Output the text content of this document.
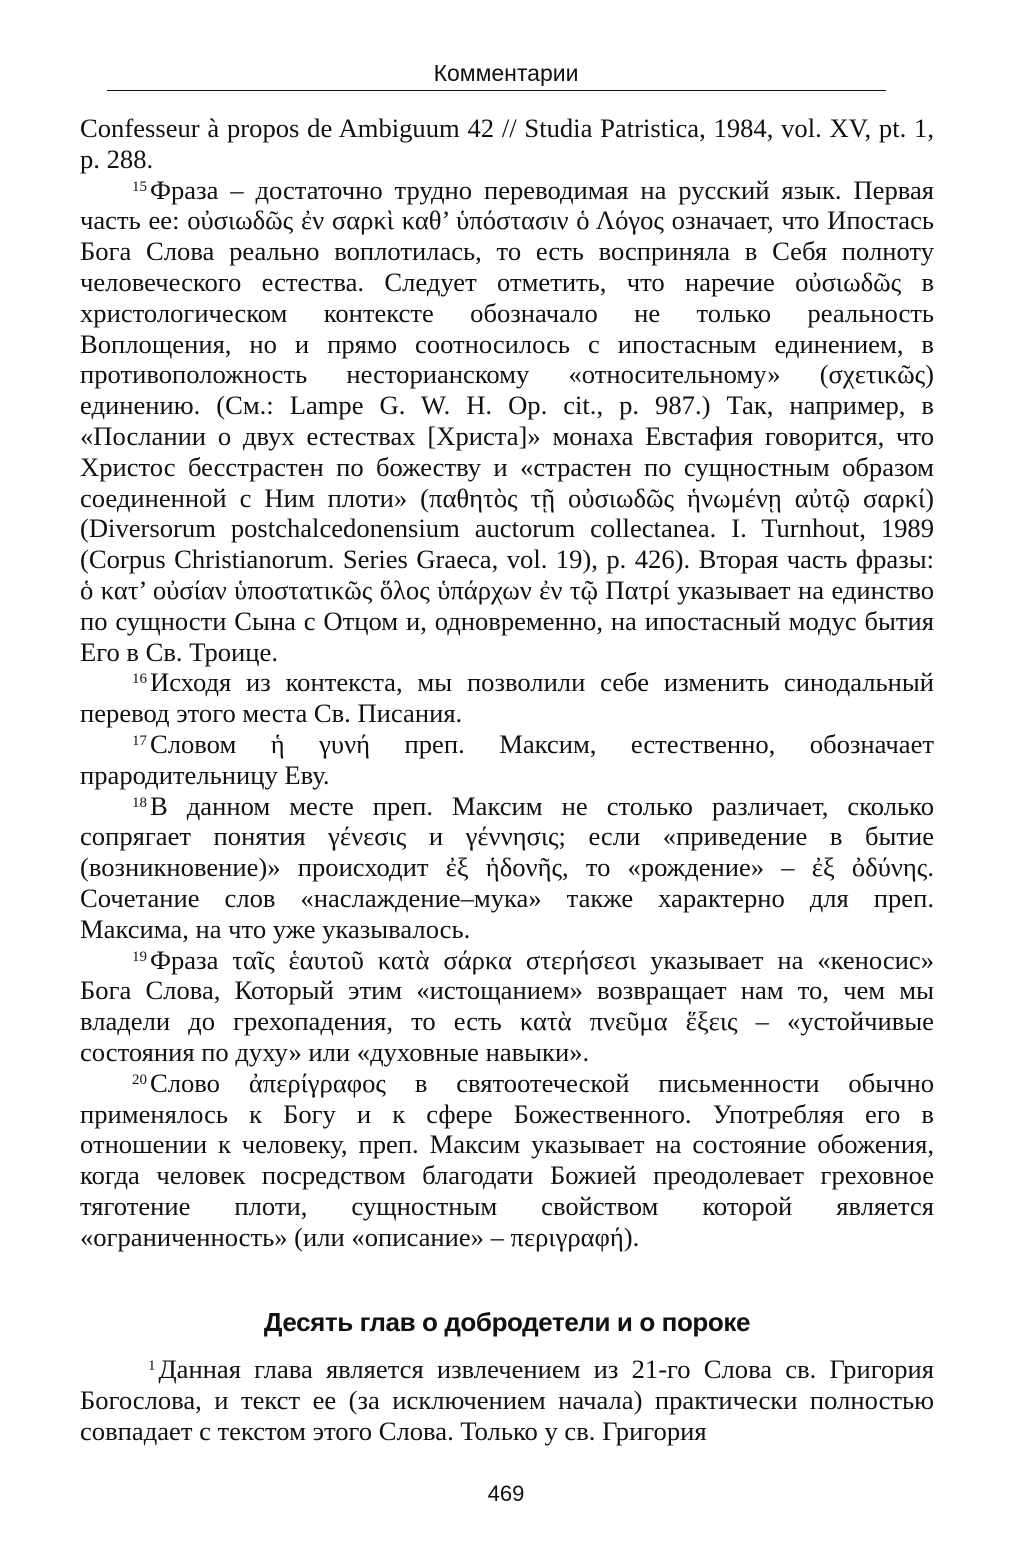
Комментарии

Confesseur à propos de Ambiguum 42 // Studia Patristica, 1984, vol. XV, pt. 1, p. 288.

$^{15}$ Фраза – достаточно трудно переводимая на русский язык. Первая часть ее: οὐσιωδῶς ἐν σαρκὶ καθ’ ὑπόστασιν ὁ Λόγος означает, что Ипостась Бога Слова реально воплотилась, то есть восприняла в Себя полноту человеческого естества. Следует отметить, что наречие οὐσιωδῶς в христологическом контексте обозначало не только реальность Воплощения, но и прямо соотносилось с ипостасным единением, в противоположность несторианскому «относительному» (σχετικῶς) единению. (См.: Lampe G. W. H. Op. cit., p. 987.) Так, например, в «Послании о двух естествах [Христа]» монаха Евстафия говорится, что Христос бесстрастен по божеству и «страстен по сущностным образом соединенной с Ним плоти» (παθητὸς τῇ οὐσιωδῶς ἡνωμένῃ αὐτῷ σαρκί) (Diversorum postchalcedonensium auctorum collectanea. I. Turnhout, 1989 (Corpus Christianorum. Series Graeca, vol. 19), p. 426). Вторая часть фразы: ὁ κατ’ οὐσίαν ὑποστατικῶς ὅλος ὑπάρχων ἐν τῷ Πατρί указывает на единство по сущности Сына с Отцом и, одновременно, на ипостасный модус бытия Его в Св. Троице.

$^{16}$ Исходя из контекста, мы позволили себе изменить синодальный перевод этого места Св. Писания.

$^{17}$ Словом ἡ γυνή преп. Максим, естественно, обозначает прародительницу Еву.

$^{18}$ В данном месте преп. Максим не столько различает, сколько сопрягает понятия γένεσις и γέννησις; если «приведение в бытие (возникновение)» происходит ἐξ ἡδονῆς, то «рождение» – ἐξ ὀδύνης. Сочетание слов «наслаждение–мука» также характерно для преп. Максима, на что уже указывалось.

$^{19}$ Фраза ταῖς ἑαυτοῦ κατὰ σάρκα στερήσεσι указывает на «кеносис» Бога Слова, Который этим «истощанием» возвращает нам то, чем мы владели до грехопадения, то есть κατὰ πνεῦμα ἕξεις – «устойчивые состояния по духу» или «духовные навыки».

$^{20}$ Слово ἀπερίγραφος в святоотеческой письменности обычно применялось к Богу и к сфере Божественного. Употребляя его в отношении к человеку, преп. Максим указывает на состояние обожения, когда человек посредством благодати Божией преодолевает греховное тяготение плоти, сущностным свойством которой является «ограниченность» (или «описание» – περιγραφή).

Десять глав о добродетели и о пороке

$^1$ Данная глава является извлечением из 21-го Слова св. Григория Богослова, и текст ее (за исключением начала) практически полностью совпадает с текстом этого Слова. Только у св. Григория

469
